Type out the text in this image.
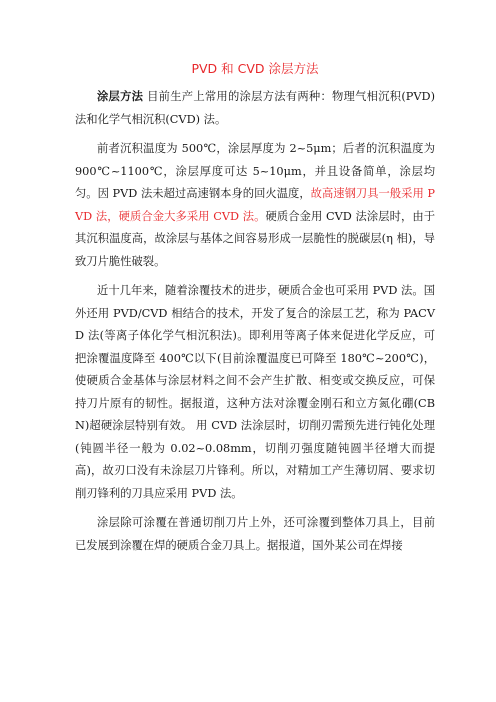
PVD 和 CVD 涂层方法

涂层方法 目前生产上常用的涂层方法有两种：物理气相沉积(PVD) 法和化学气相沉积(CVD) 法。

前者沉积温度为 500℃，涂层厚度为 2~5μm；后者的沉积温度为 900℃~1100℃，涂层厚度可达 5~10μm，并且设备简单，涂层均匀。因 PVD 法未超过高速钢本身的回火温度，故高速钢刀具一般采用 PVD 法，硬质合金大多采用 CVD 法。硬质合金用 CVD 法涂层时，由于其沉积温度高，故涂层与基体之间容易形成一层脆性的脱碳层(η 相)，导致刀片脆性破裂。

近十几年来，随着涂覆技术的进步，硬质合金也可采用 PVD 法。国外还用 PVD/CVD 相结合的技术，开发了复合的涂层工艺，称为 PACVD 法(等离子体化学气相沉积法)。即利用等离子体来促进化学反应，可把涂覆温度降至 400℃以下(目前涂覆温度已可降至 180℃~200℃)，使硬质合金基体与涂层材料之间不会产生扩散、相变或交换反应，可保持刀片原有的韧性。据报道，这种方法对涂覆金刚石和立方氮化硼(CBN)超硬涂层特别有效。 用 CVD 法涂层时，切削刃需预先进行钝化处理(钝圆半径一般为 0.02~0.08mm，切削刃强度随钝圆半径增大而提高)，故刃口没有未涂层刀片锋利。所以，对精加工产生薄切屑、要求切削刃锋利的刀具应采用 PVD 法。

涂层除可涂覆在普通切削刀片上外，还可涂覆到整体刀具上，目前已发展到涂覆在焊的硬质合金刀具上。据报道，国外某公司在焊接
